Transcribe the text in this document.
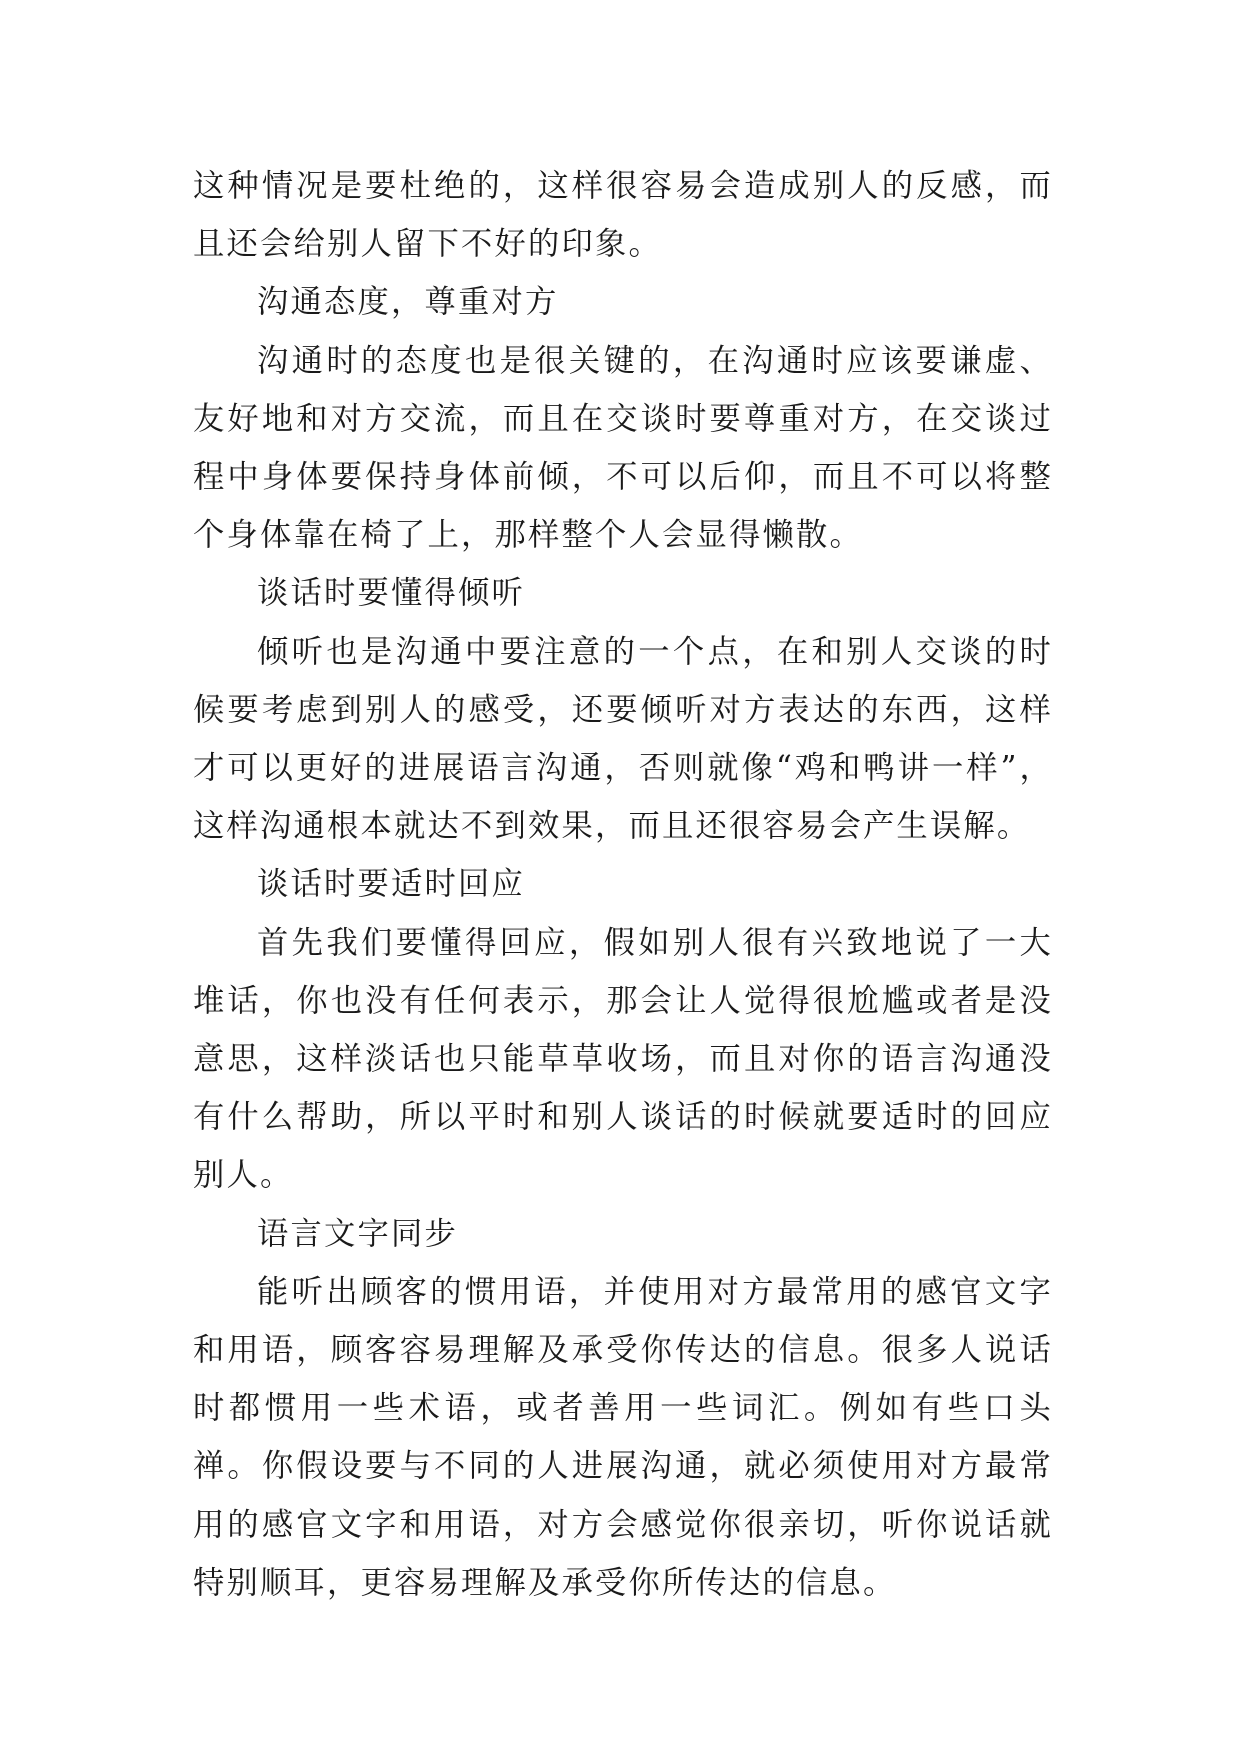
这种情况是要杜绝的，这样很容易会造成别人的反感，而且还会给别人留下不好的印象。

沟通态度，尊重对方

沟通时的态度也是很关键的，在沟通时应该要谦虚、友好地和对方交流，而且在交谈时要尊重对方，在交谈过程中身体要保持身体前倾，不可以后仰，而且不可以将整个身体靠在椅了上，那样整个人会显得懒散。

谈话时要懂得倾听

倾听也是沟通中要注意的一个点，在和别人交谈的时候要考虑到别人的感受，还要倾听对方表达的东西，这样才可以更好的进展语言沟通，否则就像“鸡和鸭讲一样”，这样沟通根本就达不到效果，而且还很容易会产生误解。

谈话时要适时回应

首先我们要懂得回应，假如别人很有兴致地说了一大堆话，你也没有任何表示，那会让人觉得很尬尴或者是没意思，这样淡话也只能草草收场，而且对你的语言沟通没有什么帮助，所以平时和别人谈话的时候就要适时的回应别人。

语言文字同步

能听出顾客的惯用语，并使用对方最常用的感官文字和用语，顾客容易理解及承受你传达的信息。很多人说话时都惯用一些术语，或者善用一些词汇。例如有些口头禅。你假设要与不同的人进展沟通，就必须使用对方最常用的感官文字和用语，对方会感觉你很亲切，听你说话就特别顺耳，更容易理解及承受你所传达的信息。
